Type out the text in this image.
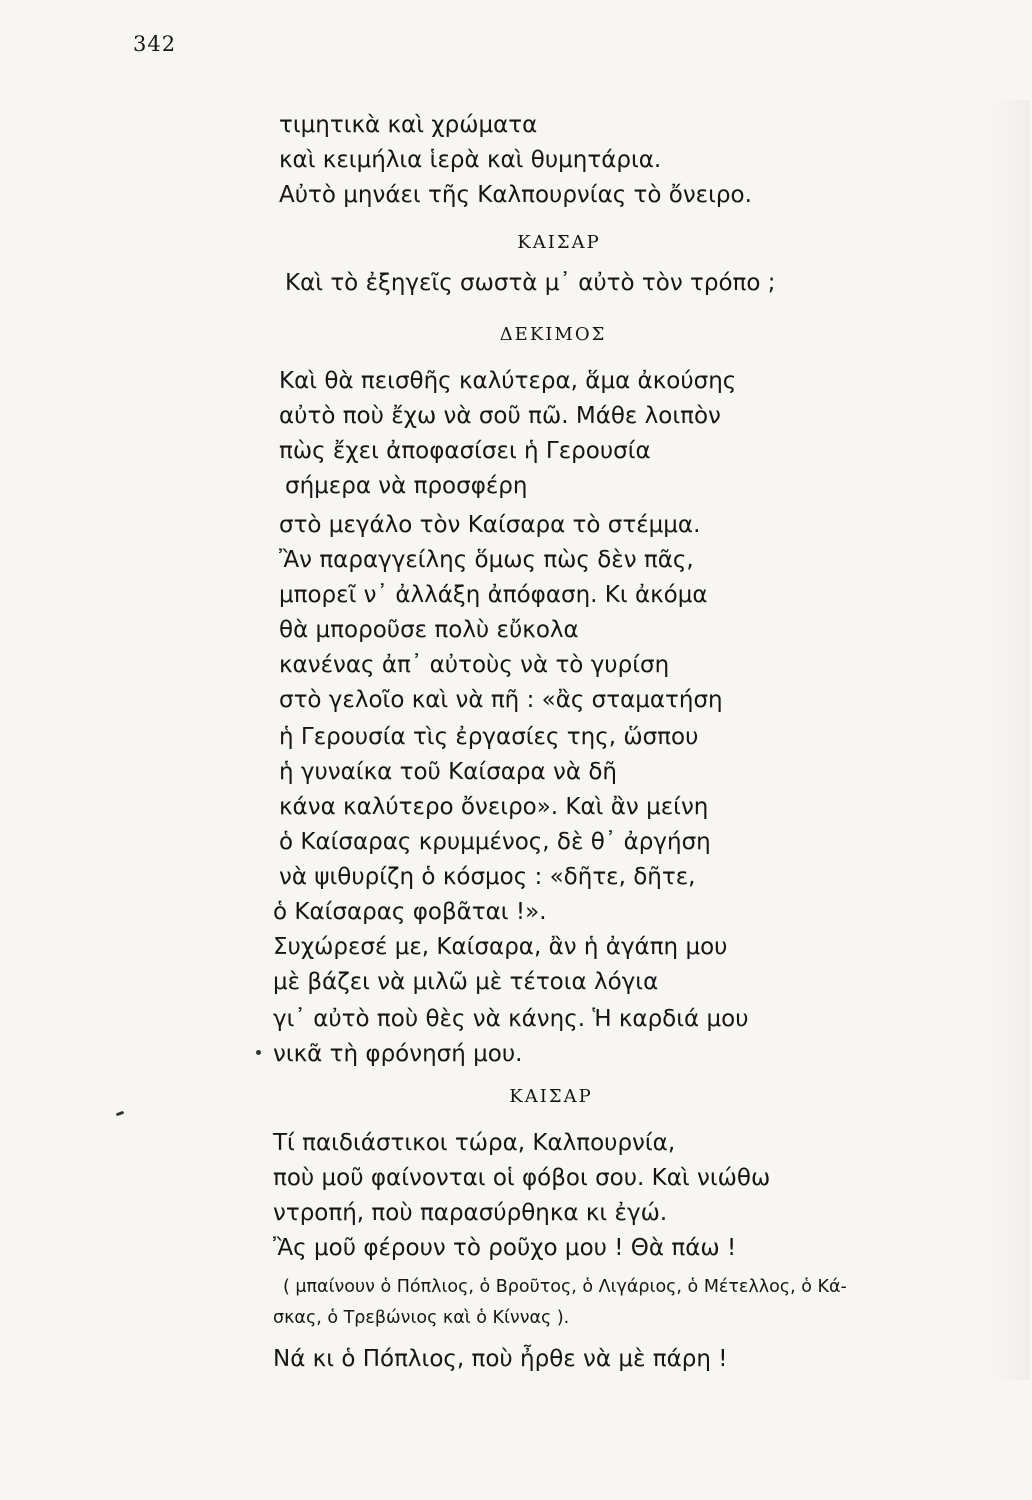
342
τιμητικὰ καὶ χρώματα
καὶ κειμήλια ἱερὰ καὶ θυμητάρια.
Αὐτὸ μηνάει τῆς Καλπουρνίας τὸ ὄνειρο.
ΚΑΙΣΑΡ
Καὶ τὸ ἐξηγεῖς σωστὰ μ᾽ αὐτὸ τὸν τρόπο ;
ΔΕΚΙΜΟΣ
Καὶ θὰ πεισθῆς καλύτερα, ἅμα ἀκούσης
αὐτὸ ποὺ ἔχω νὰ σοῦ πῶ. Μάθε λοιπὸν
πὼς ἔχει ἀποφασίσει ἡ Γερουσία
σήμερα νὰ προσφέρη
στὸ μεγάλο τὸν Καίσαρα τὸ στέμμα.
Ἂν παραγγείλης ὅμως πὼς δὲν πᾶς,
μπορεῖ ν᾽ ἀλλάξη ἀπόφαση. Κι ἀκόμα
θὰ μποροῦσε πολὺ εὔκολα
κανένας ἀπ᾽ αὐτοὺς νὰ τὸ γυρίση
στὸ γελοῖο καὶ νὰ πῆ : «ἂς σταματήση
ἡ Γερουσία τὶς ἐργασίες της, ὥσπου
ἡ γυναίκα τοῦ Καίσαρα νὰ δῆ
κάνα καλύτερο ὄνειρο». Καὶ ἂν μείνη
ὁ Καίσαρας κρυμμένος, δὲ θ᾽ ἀργήση
νὰ ψιθυρίζη ὁ κόσμος : «δῆτε, δῆτε,
ὁ Καίσαρας φοβᾶται !».
Συχώρεσέ με, Καίσαρα, ἂν ἡ ἀγάπη μου
μὲ βάζει νὰ μιλῶ μὲ τέτοια λόγια
γι᾽ αὐτὸ ποὺ θὲς νὰ κάνης. Ἡ καρδιά μου
νικᾶ τὴ φρόνησή μου.
ΚΑΙΣΑΡ
Τί παιδιάστικοι τώρα, Καλπουρνία,
ποὺ μοῦ φαίνονται οἱ φόβοι σου. Καὶ νιώθω
ντροπή, ποὺ παρασύρθηκα κι ἐγώ.
Ἂς μοῦ φέρουν τὸ ροῦχο μου ! Θὰ πάω !
( μπαίνουν ὁ Πόπλιος, ὁ Βροῦτος, ὁ Λιγάριος, ὁ Μέτελλος, ὁ Κά-
σκας, ὁ Τρεβώνιος καὶ ὁ Κίννας ).
Νά κι ὁ Πόπλιος, ποὺ ἦρθε νὰ μὲ πάρη !
